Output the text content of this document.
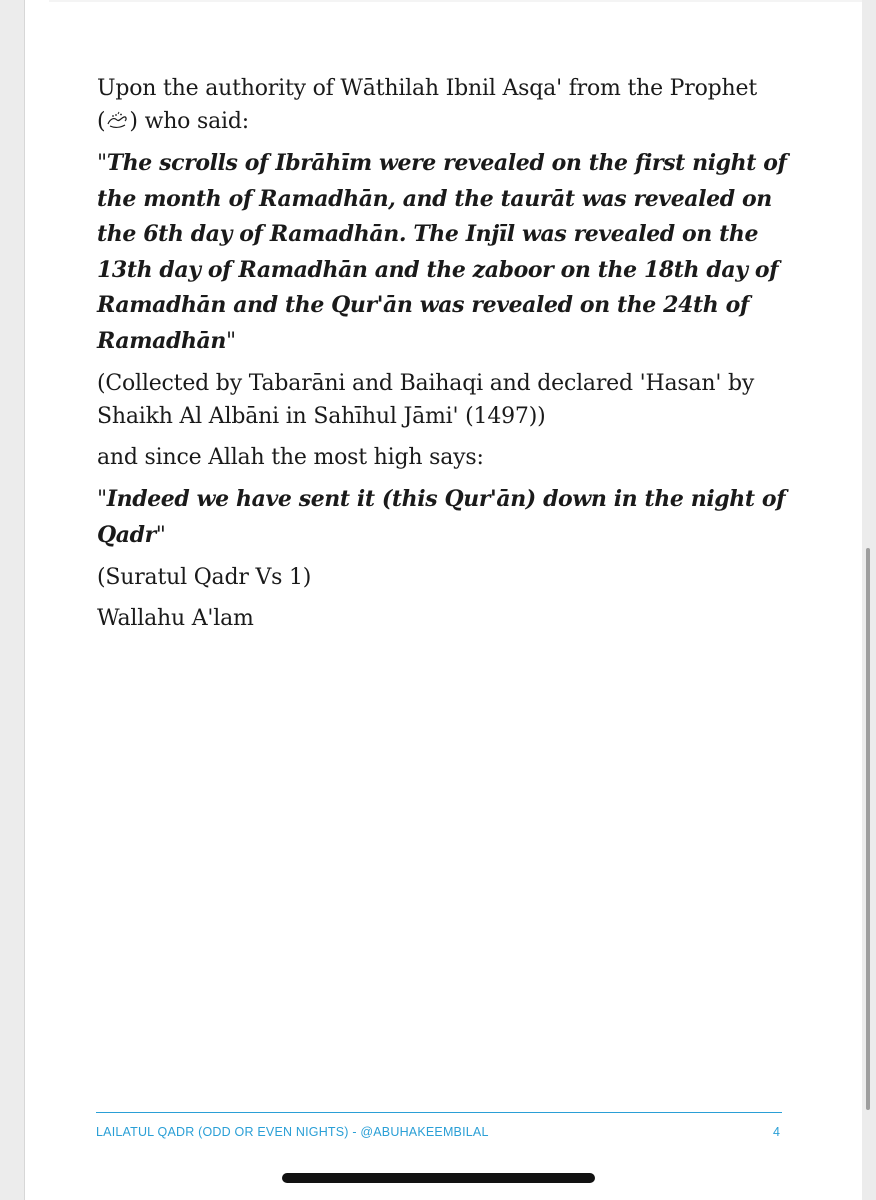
Upon the authority of Wāthilah Ibnil Asqa' from the Prophet
( ) who said:

"The scrolls of Ibrāhīm were revealed on the first night of the month of Ramadhān, and the taurāt was revealed on the 6th day of Ramadhān. The Injīl was revealed on the 13th day of Ramadhān and the zaboor on the 18th day of Ramadhān and the Qur'ān was revealed on the 24th of Ramadhān"

(Collected by Tabarāni and Baihaqi and declared 'Hasan' by Shaikh Al Albāni in Sahīhul Jāmi' (1497))

and since Allah the most high says:

"Indeed we have sent it (this Qur'ān) down in the night of Qadr"

(Suratul Qadr Vs 1)

Wallahu A'lam

LAILATUL QADR (ODD OR EVEN NIGHTS) - @ABUHAKEEMBILAL	4
